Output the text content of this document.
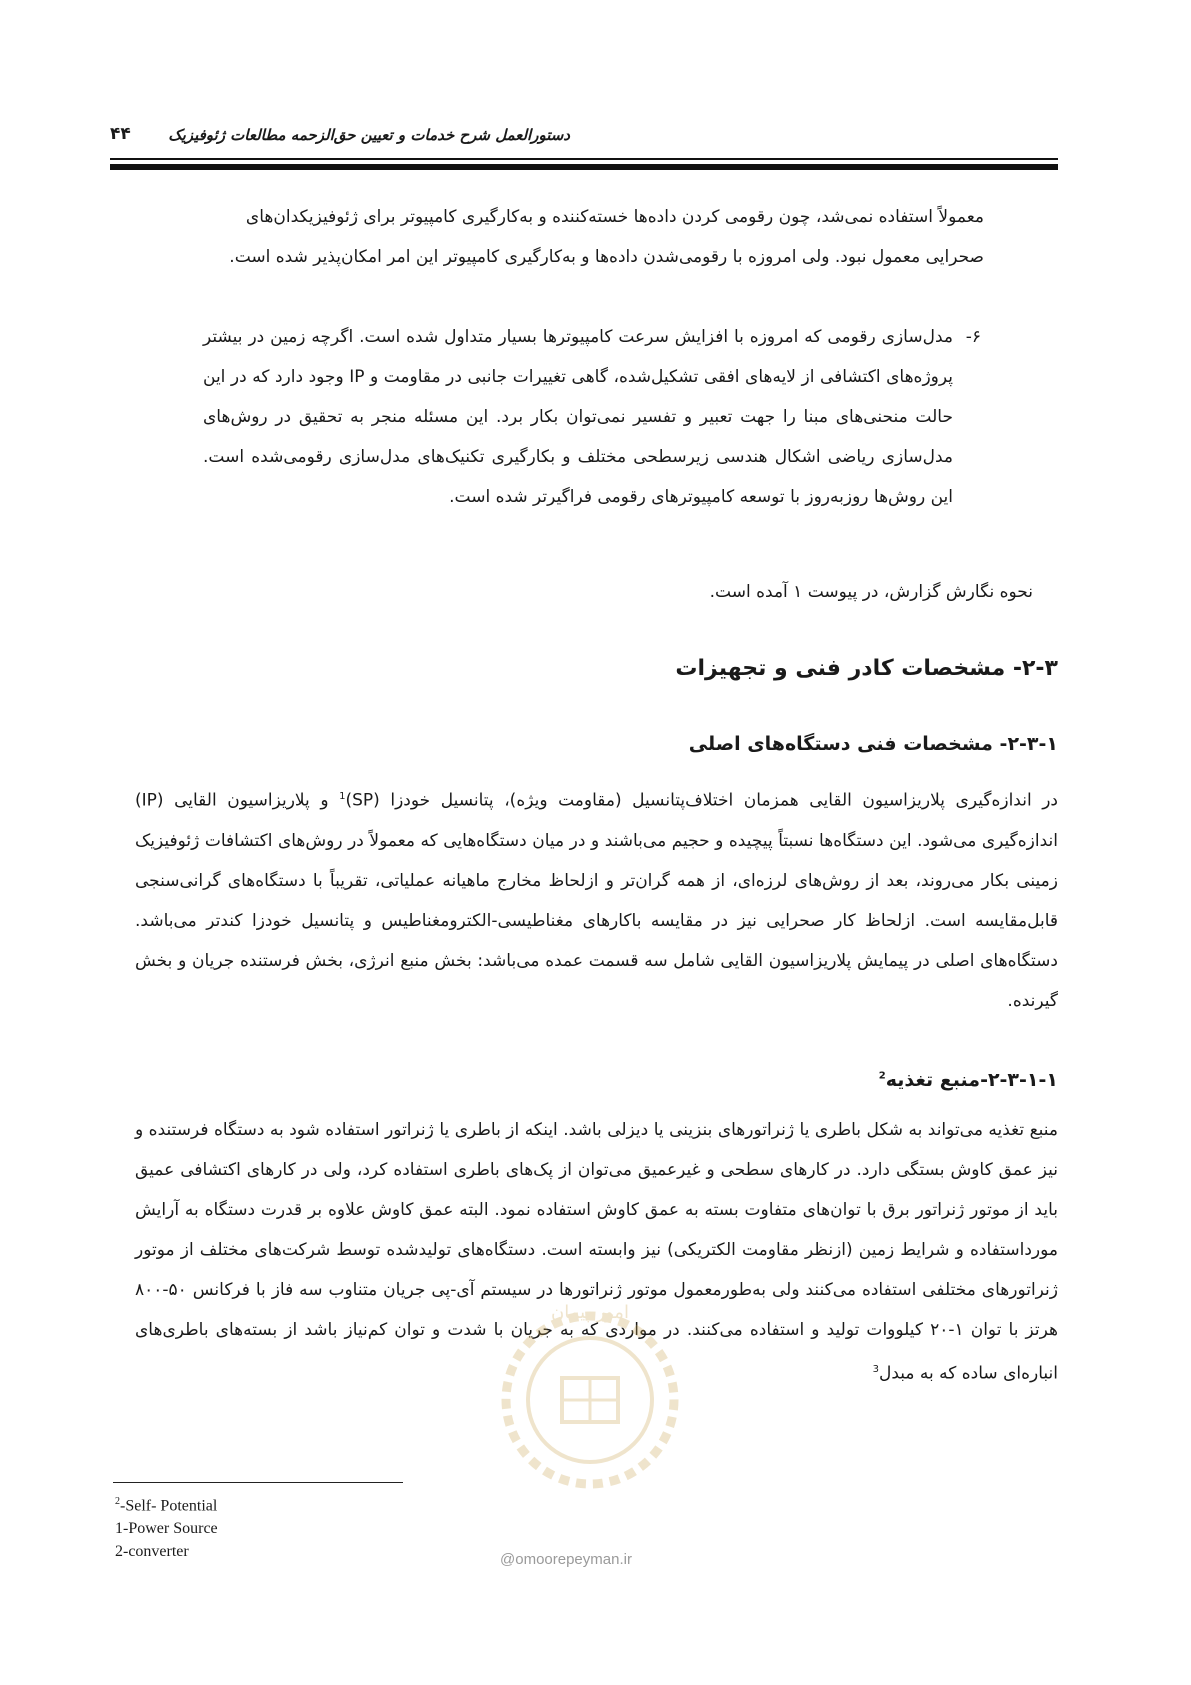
دستورالعمل شرح خدمات و تعیین حق‌الزحمه مطالعات ژئوفیزیک
۴۴

معمولاً استفاده نمی‌شد، چون رقومی کردن داده‌ها خسته‌کننده و به‌کارگیری کامپیوتر برای ژئوفیزیکدان‌های

صحرایی معمول نبود. ولی امروزه با رقومی‌شدن داده‌ها و به‌کارگیری کامپیوتر این امر امکان‌پذیر شده است.

۶-
مدل‌سازی رقومی که امروزه با افزایش سرعت کامپیوترها بسیار متداول شده است. اگرچه زمین در بیشتر پروژه‌های اکتشافی از لایه‌های افقی تشکیل‌شده، گاهی تغییرات جانبی در مقاومت و IP وجود دارد که در این حالت منحنی‌های مبنا را جهت تعبیر و تفسیر نمی‌توان بکار برد. این مسئله منجر به تحقیق در روش‌های مدل‌سازی ریاضی اشکال هندسی زیرسطحی مختلف و بکارگیری تکنیک‌های مدل‌سازی رقومی‌شده است. این روش‌ها روزبه‌روز با توسعه کامپیوترهای رقومی فراگیرتر شده است.

نحوه نگارش گزارش، در پیوست ۱ آمده است.

۲-۳- مشخصات کادر فنی و تجهیزات
۲-۳-۱- مشخصات فنی دستگاه‌های اصلی

در اندازه‌گیری پلاریزاسیون القایی همزمان اختلاف‌پتانسیل (مقاومت ویژه)، پتانسیل خودزا (SP)$^1$ و پلاریزاسیون القایی (IP) اندازه‌گیری می‌شود. این دستگاه‌ها نسبتاً پیچیده و حجیم می‌باشند و در میان دستگاه‌هایی که معمولاً در روش‌های اکتشافات ژئوفیزیک زمینی بکار می‌روند، بعد از روش‌های لرزه‌ای، از همه گران‌تر و ازلحاظ مخارج ماهیانه عملیاتی، تقریباً با دستگاه‌های گرانی‌سنجی قابل‌مقایسه است. ازلحاظ کار صحرایی نیز در مقایسه باکارهای مغناطیسی-الکترومغناطیس و پتانسیل خودزا کندتر می‌باشد. دستگاه‌های اصلی در پیمایش پلاریزاسیون القایی شامل سه قسمت عمده می‌باشد: بخش منبع انرژی، بخش فرستنده جریان و بخش گیرنده.

۲-۳-۱-۱-منبع تغذیه$^2$

منبع تغذیه می‌تواند به شکل باطری یا ژنراتورهای بنزینی یا دیزلی باشد. اینکه از باطری یا ژنراتور استفاده شود به دستگاه فرستنده و نیز عمق کاوش بستگی دارد. در کارهای سطحی و غیرعمیق می‌توان از پک‌های باطری استفاده کرد، ولی در کارهای اکتشافی عمیق باید از موتور ژنراتور برق با توان‌های متفاوت بسته به عمق کاوش استفاده نمود. البته عمق کاوش علاوه بر قدرت دستگاه به آرایش مورداستفاده و شرایط زمین (ازنظر مقاومت الکتریکی) نیز وابسته است. دستگاه‌های تولیدشده توسط شرکت‌های مختلف از موتور ژنراتورهای مختلفی استفاده می‌کنند ولی به‌طورمعمول موتور ژنراتورها در سیستم آی-پی جریان متناوب سه فاز با فرکانس ۵۰-۸۰۰ هرتز با توان ۱-۲۰ کیلووات تولید و استفاده می‌کنند. در مواردی که به جریان با شدت و توان کم‌نیاز باشد از بسته‌های باطری‌های انباره‌ای ساده که به مبدل$^3$

$^2$-Self- Potential
1-Power Source
2-converter
امور پیمان
@omoorepeyman.ir
